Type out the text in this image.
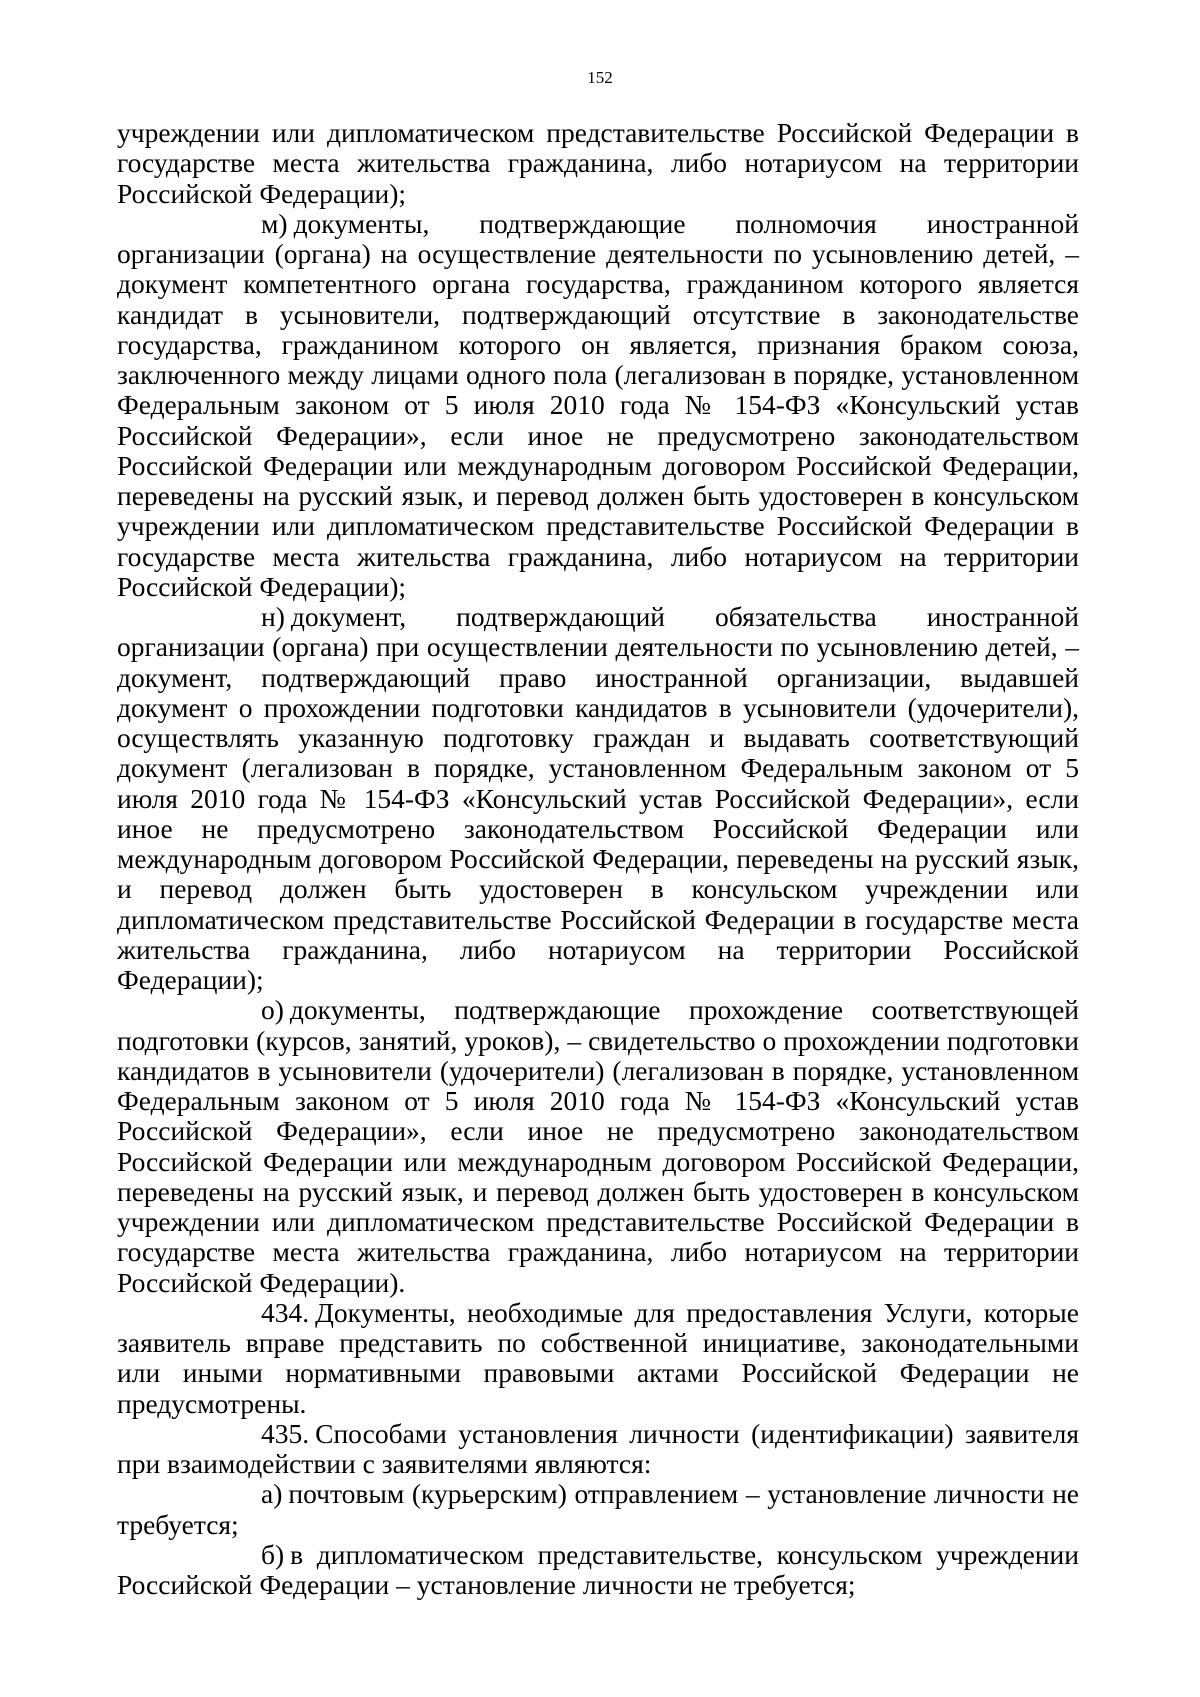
152

учреждении или дипломатическом представительстве Российской Федерации в государстве места жительства гражданина, либо нотариусом на территории Российской Федерации);

м) документы, подтверждающие полномочия иностранной организации (органа) на осуществление деятельности по усыновлению детей, – документ компетентного органа государства, гражданином которого является кандидат в усыновители, подтверждающий отсутствие в законодательстве государства, гражданином которого он является, признания браком союза, заключенного между лицами одного пола (легализован в порядке, установленном Федеральным законом от 5 июля 2010 года № 154-ФЗ «Консульский устав Российской Федерации», если иное не предусмотрено законодательством Российской Федерации или международным договором Российской Федерации, переведены на русский язык, и перевод должен быть удостоверен в консульском учреждении или дипломатическом представительстве Российской Федерации в государстве места жительства гражданина, либо нотариусом на территории Российской Федерации);

н) документ, подтверждающий обязательства иностранной организации (органа) при осуществлении деятельности по усыновлению детей, – документ, подтверждающий право иностранной организации, выдавшей документ о прохождении подготовки кандидатов в усыновители (удочерители), осуществлять указанную подготовку граждан и выдавать соответствующий документ (легализован в порядке, установленном Федеральным законом от 5 июля 2010 года № 154-ФЗ «Консульский устав Российской Федерации», если иное не предусмотрено законодательством Российской Федерации или международным договором Российской Федерации, переведены на русский язык, и перевод должен быть удостоверен в консульском учреждении или дипломатическом представительстве Российской Федерации в государстве места жительства гражданина, либо нотариусом на территории Российской Федерации);

о) документы, подтверждающие прохождение соответствующей подготовки (курсов, занятий, уроков), – свидетельство о прохождении подготовки кандидатов в усыновители (удочерители) (легализован в порядке, установленном Федеральным законом от 5 июля 2010 года № 154-ФЗ «Консульский устав Российской Федерации», если иное не предусмотрено законодательством Российской Федерации или международным договором Российской Федерации, переведены на русский язык, и перевод должен быть удостоверен в консульском учреждении или дипломатическом представительстве Российской Федерации в государстве места жительства гражданина, либо нотариусом на территории Российской Федерации).

434. Документы, необходимые для предоставления Услуги, которые заявитель вправе представить по собственной инициативе, законодательными или иными нормативными правовыми актами Российской Федерации не предусмотрены.

435. Способами установления личности (идентификации) заявителя при взаимодействии с заявителями являются:

а) почтовым (курьерским) отправлением – установление личности не требуется;

б) в дипломатическом представительстве, консульском учреждении Российской Федерации – установление личности не требуется;
